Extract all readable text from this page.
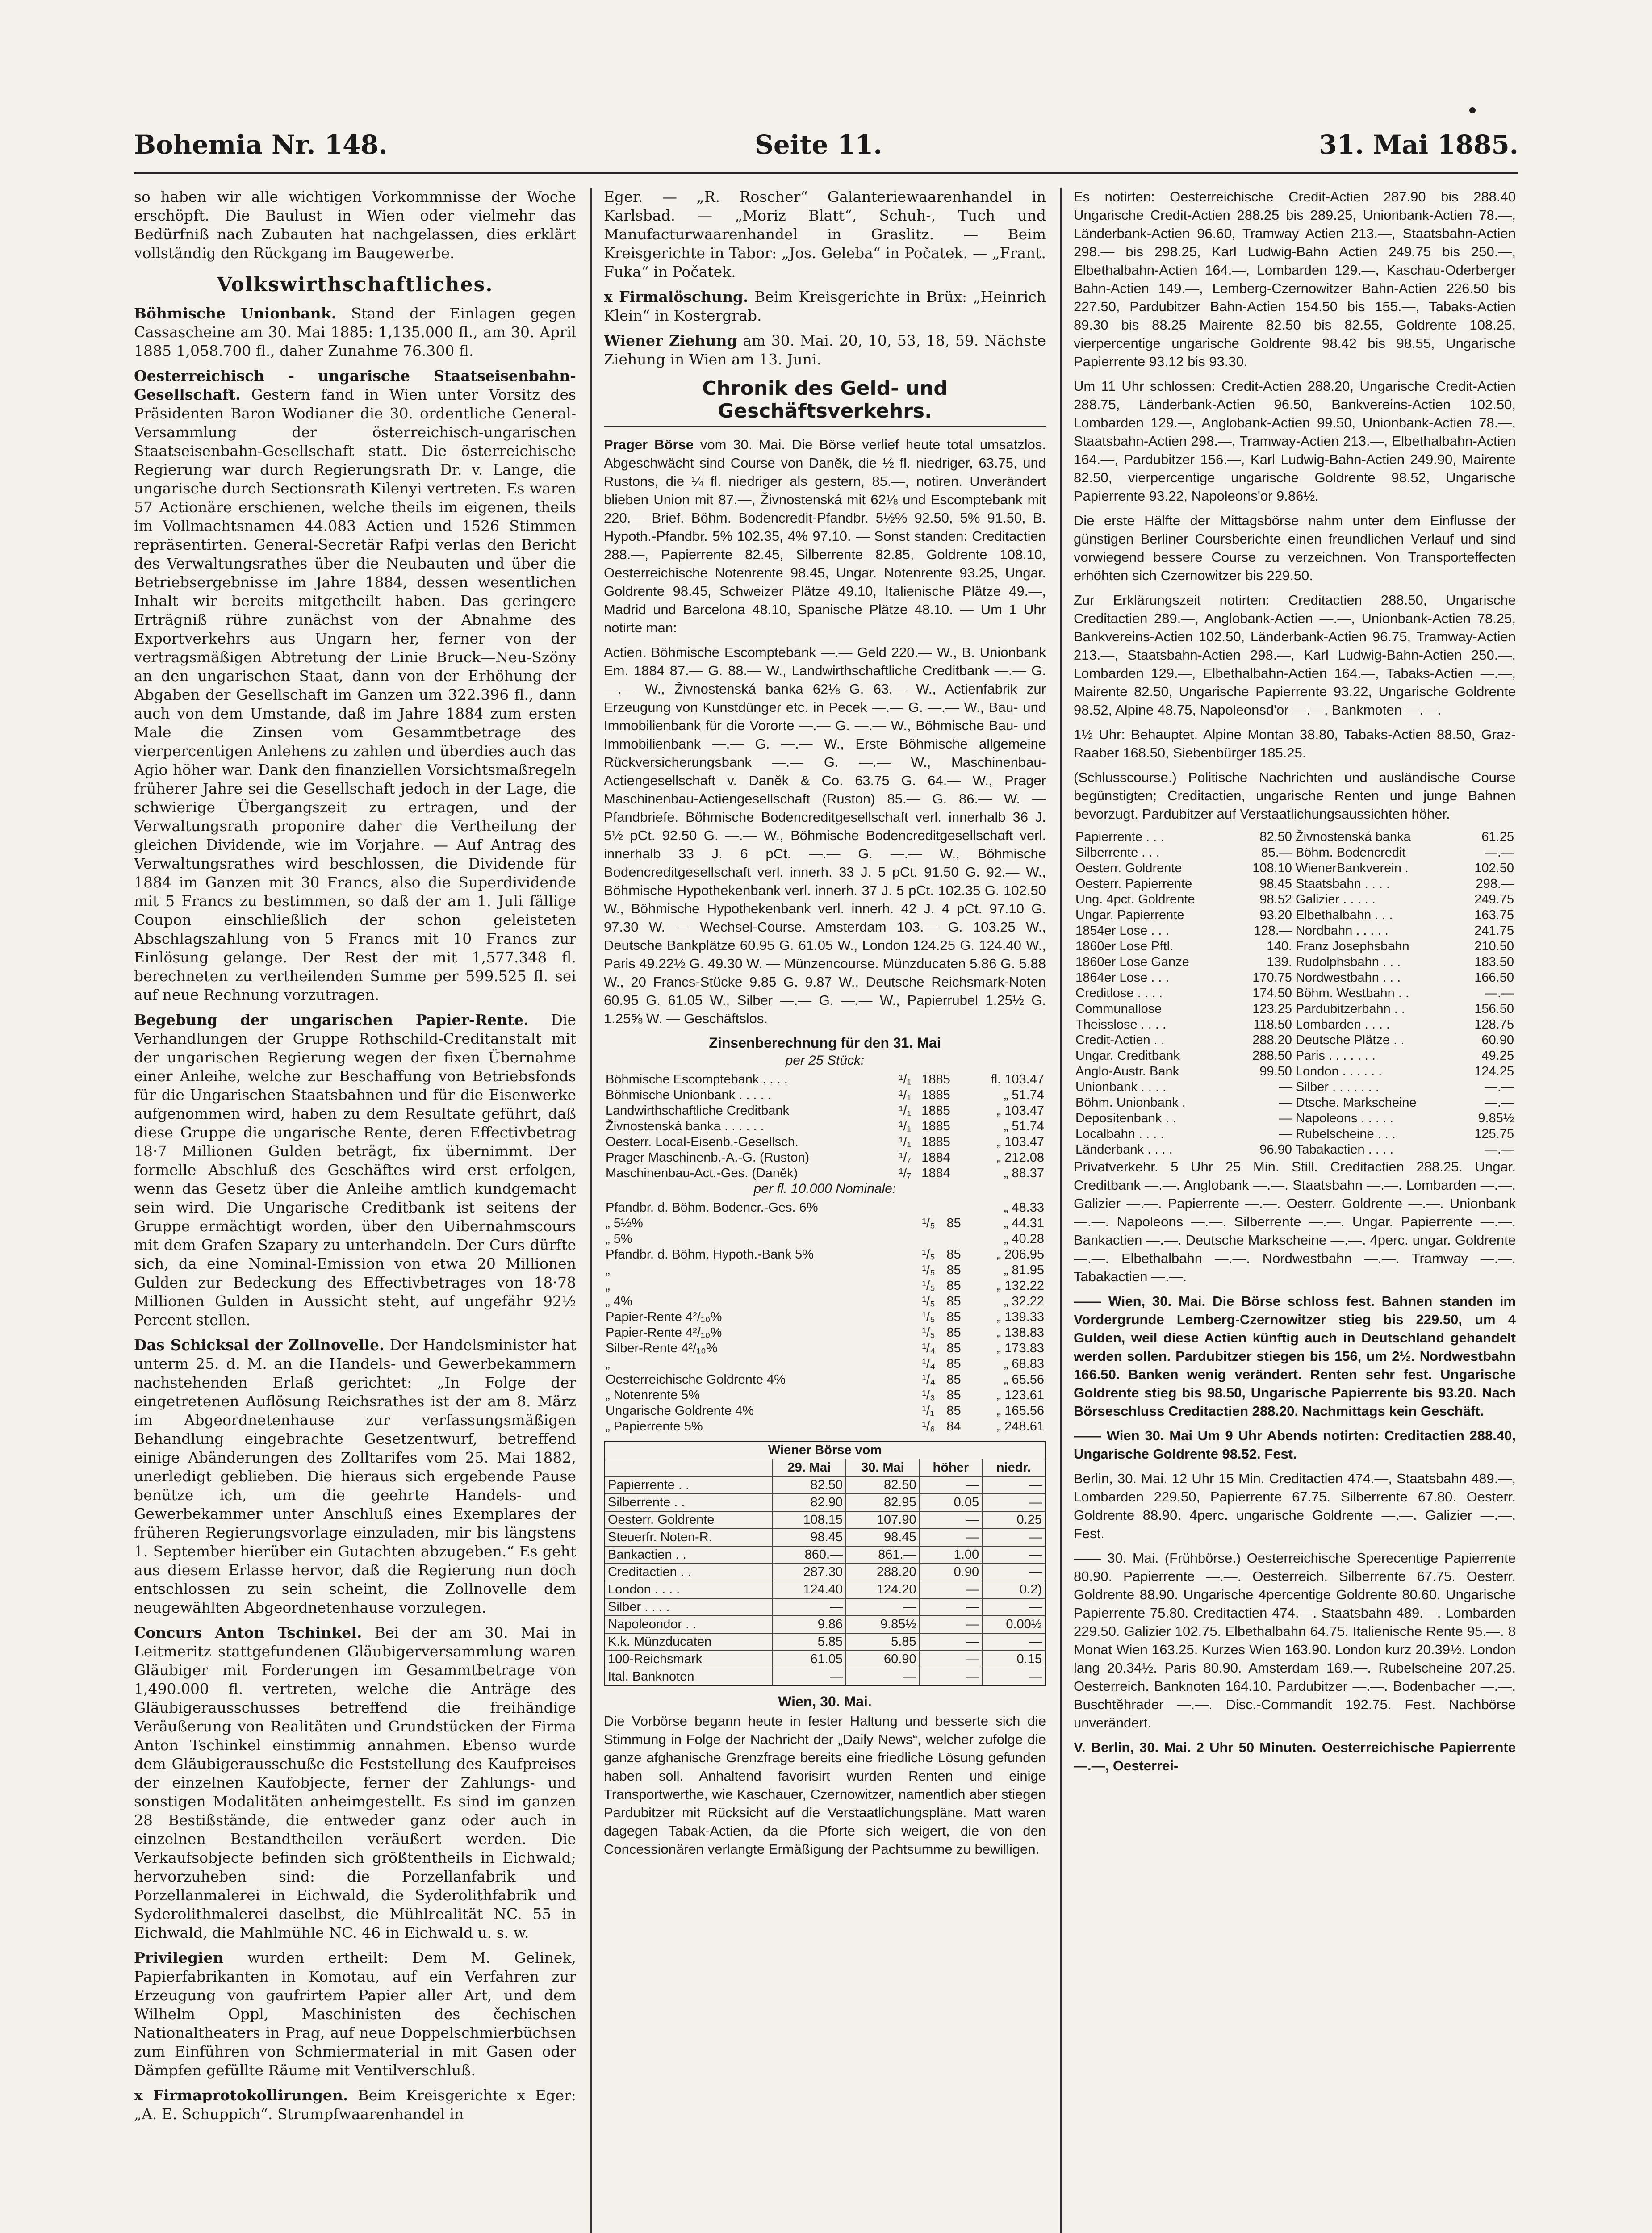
Bohemia Nr. 148.	Seite 11.	31. Mai 1885.

so haben wir alle wichtigen Vorkommnisse der Woche erschöpft. Die Baulust in Wien oder vielmehr das Bedürfniß nach Zubauten hat nachgelassen, dies erklärt vollständig den Rückgang im Baugewerbe.

Volkswirthschaftliches.

Böhmische Unionbank. Stand der Einlagen gegen Cassascheine am 30. Mai 1885: 1,135.000 fl., am 30. April 1885 1,058.700 fl., daher Zunahme 76.300 fl.

Oesterreichisch - ungarische Staatseisenbahn-Gesellschaft. Gestern fand in Wien unter Vorsitz des Präsidenten Baron Wodianer die 30. ordentliche General-Versammlung der österreichisch-ungarischen Staatseisenbahn-Gesellschaft statt. Die österreichische Regierung war durch Regierungsrath Dr. v. Lange, die ungarische durch Sectionsrath Kilenyi vertreten. Es waren 57 Actionäre erschienen, welche theils im eigenen, theils im Vollmachtsnamen 44.083 Actien und 1526 Stimmen repräsentirten. General-Secretär Rafpi verlas den Bericht des Verwaltungsrathes über die Neubauten und über die Betriebsergebnisse im Jahre 1884, dessen wesentlichen Inhalt wir bereits mitgetheilt haben. Das geringere Erträgniß rühre zunächst von der Abnahme des Exportverkehrs aus Ungarn her, ferner von der vertragsmäßigen Abtretung der Linie Bruck—Neu-Szöny an den ungarischen Staat, dann von der Erhöhung der Abgaben der Gesellschaft im Ganzen um 322.396 fl., dann auch von dem Umstande, daß im Jahre 1884 zum ersten Male die Zinsen vom Gesammtbetrage des vierpercentigen Anlehens zu zahlen und überdies auch das Agio höher war. Dank den finanziellen Vorsichtsmaßregeln früherer Jahre sei die Gesellschaft jedoch in der Lage, die schwierige Übergangszeit zu ertragen, und der Verwaltungsrath proponire daher die Vertheilung der gleichen Dividende, wie im Vorjahre. — Auf Antrag des Verwaltungsrathes wird beschlossen, die Dividende für 1884 im Ganzen mit 30 Francs, also die Superdividende mit 5 Francs zu bestimmen, so daß der am 1. Juli fällige Coupon einschließlich der schon geleisteten Abschlagszahlung von 5 Francs mit 10 Francs zur Einlösung gelange. Der Rest der mit 1,577.348 fl. berechneten zu vertheilenden Summe per 599.525 fl. sei auf neue Rechnung vorzutragen.

Begebung der ungarischen Papier-Rente. Die Verhandlungen der Gruppe Rothschild-Creditanstalt mit der ungarischen Regierung wegen der fixen Übernahme einer Anleihe, welche zur Beschaffung von Betriebsfonds für die Ungarischen Staatsbahnen und für die Eisenwerke aufgenommen wird, haben zu dem Resultate geführt, daß diese Gruppe die ungarische Rente, deren Effectivbetrag 18·7 Millionen Gulden beträgt, fix übernimmt. Der formelle Abschluß des Geschäftes wird erst erfolgen, wenn das Gesetz über die Anleihe amtlich kundgemacht sein wird. Die Ungarische Creditbank ist seitens der Gruppe ermächtigt worden, über den Uibernahmscours mit dem Grafen Szapary zu unterhandeln. Der Curs dürfte sich, da eine Nominal-Emission von etwa 20 Millionen Gulden zur Bedeckung des Effectivbetrages von 18·78 Millionen Gulden in Aussicht steht, auf ungefähr 92½ Percent stellen.

Das Schicksal der Zollnovelle. Der Handelsminister hat unterm 25. d. M. an die Handels- und Gewerbekammern nachstehenden Erlaß gerichtet: „In Folge der eingetretenen Auflösung Reichsrathes ist der am 8. März im Abgeordnetenhause zur verfassungsmäßigen Behandlung eingebrachte Gesetzentwurf, betreffend einige Abänderungen des Zolltarifes vom 25. Mai 1882, unerledigt geblieben. Die hieraus sich ergebende Pause benütze ich, um die geehrte Handels- und Gewerbekammer unter Anschluß eines Exemplares der früheren Regierungsvorlage einzuladen, mir bis längstens 1. September hierüber ein Gutachten abzugeben.“ Es geht aus diesem Erlasse hervor, daß die Regierung nun doch entschlossen zu sein scheint, die Zollnovelle dem neugewählten Abgeordnetenhause vorzulegen.

Concurs Anton Tschinkel. Bei der am 30. Mai in Leitmeritz stattgefundenen Gläubigerversammlung waren Gläubiger mit Forderungen im Gesammtbetrage von 1,490.000 fl. vertreten, welche die Anträge des Gläubigerausschusses betreffend die freihändige Veräußerung von Realitäten und Grundstücken der Firma Anton Tschinkel einstimmig annahmen. Ebenso wurde dem Gläubigerausschuße die Feststellung des Kaufpreises der einzelnen Kaufobjecte, ferner der Zahlungs- und sonstigen Modalitäten anheimgestellt. Es sind im ganzen 28 Bestißstände, die entweder ganz oder auch in einzelnen Bestandtheilen veräußert werden. Die Verkaufsobjecte befinden sich größtentheils in Eichwald; hervorzuheben sind: die Porzellanfabrik und Porzellanmalerei in Eichwald, die Syderolithfabrik und Syderolithmalerei daselbst, die Mühlrealität NC. 55 in Eichwald, die Mahlmühle NC. 46 in Eichwald u. s. w.

Privilegien wurden ertheilt: Dem M. Gelinek, Papierfabrikanten in Komotau, auf ein Verfahren zur Erzeugung von gaufrirtem Papier aller Art, und dem Wilhelm Oppl, Maschinisten des čechischen Nationaltheaters in Prag, auf neue Doppelschmierbüchsen zum Einführen von Schmiermaterial in mit Gasen oder Dämpfen gefüllte Räume mit Ventilverschluß.

x Firmaprotokollirungen. Beim Kreisgerichte x Eger: „A. E. Schuppich“. Strumpfwaarenhandel in

Eger. — „R. Roscher“ Galanteriewaarenhandel in Karlsbad. — „Moriz Blatt“, Schuh-, Tuch und Manufacturwaarenhandel in Graslitz. — Beim Kreisgerichte in Tabor: „Jos. Geleba“ in Počatek. — „Frant. Fuka“ in Počatek.

x Firmalöschung. Beim Kreisgerichte in Brüx: „Heinrich Klein“ in Kostergrab.

Wiener Ziehung am 30. Mai. 20, 10, 53, 18, 59. Nächste Ziehung in Wien am 13. Juni.

Chronik des Geld- und Geschäftsverkehrs.

Prager Börse vom 30. Mai. Die Börse verlief heute total umsatzlos. Abgeschwächt sind Course von Daněk, die ½ fl. niedriger, 63.75, und Rustons, die ¼ fl. niedriger als gestern, 85.—, notiren. Unverändert blieben Union mit 87.—, Živnostenská mit 62⅛ und Escomptebank mit 220.— Brief. Böhm. Bodencredit-Pfandbr. 5½% 92.50, 5% 91.50, B. Hypoth.-Pfandbr. 5% 102.35, 4% 97.10. — Sonst standen: Creditactien 288.—, Papierrente 82.45, Silberrente 82.85, Goldrente 108.10, Oesterreichische Notenrente 98.45, Ungar. Notenrente 93.25, Ungar. Goldrente 98.45, Schweizer Plätze 49.10, Italienische Plätze 49.—, Madrid und Barcelona 48.10, Spanische Plätze 48.10. — Um 1 Uhr notirte man:

Actien. Böhmische Escomptebank —.— Geld 220.— W., B. Unionbank Em. 1884 87.— G. 88.— W., Landwirthschaftliche Creditbank —.— G. —.— W., Živnostenská banka 62⅛ G. 63.— W., Actienfabrik zur Erzeugung von Kunstdünger etc. in Pecek —.— G. —.— W., Bau- und Immobilienbank für die Vororte —.— G. —.— W., Böhmische Bau- und Immobilienbank —.— G. —.— W., Erste Böhmische allgemeine Rückversicherungsbank —.— G. —.— W., Maschinenbau-Actiengesellschaft v. Daněk & Co. 63.75 G. 64.— W., Prager Maschinenbau-Actiengesellschaft (Ruston) 85.— G. 86.— W. — Pfandbriefe. Böhmische Bodencreditgesellschaft verl. innerhalb 36 J. 5½ pCt. 92.50 G. —.— W., Böhmische Bodencreditgesellschaft verl. innerhalb 33 J. 6 pCt. —.— G. —.— W., Böhmische Bodencreditgesellschaft verl. innerh. 33 J. 5 pCt. 91.50 G. 92.— W., Böhmische Hypothekenbank verl. innerh. 37 J. 5 pCt. 102.35 G. 102.50 W., Böhmische Hypothekenbank verl. innerh. 42 J. 4 pCt. 97.10 G. 97.30 W. — Wechsel-Course. Amsterdam 103.— G. 103.25 W., Deutsche Bankplätze 60.95 G. 61.05 W., London 124.25 G. 124.40 W., Paris 49.22½ G. 49.30 W. — Münzencourse. Münzducaten 5.86 G. 5.88 W., 20 Francs-Stücke 9.85 G. 9.87 W., Deutsche Reichsmark-Noten 60.95 G. 61.05 W., Silber —.— G. —.— W., Papierrubel 1.25½ G. 1.25⅝ W. — Geschäftslos.

Zinsenberechnung für den 31. Mai
per 25 Stück:
Böhmische Escomptebank . . . .	¹/₁	1885	fl. 103.47
Böhmische Unionbank . . . . .	¹/₁	1885	„ 51.74
Landwirthschaftliche Creditbank	¹/₁	1885	„ 103.47
Živnostenská banka . . . . . .	¹/₁	1885	„ 51.74
Oesterr. Local-Eisenb.-Gesellsch.	¹/₁	1885	„ 103.47
Prager Maschinenb.-A.-G. (Ruston)	¹/₇	1884	„ 212.08
Maschinenbau-Act.-Ges. (Daněk)	¹/₇	1884	„ 88.37
per fl. 10.000 Nominale:
Pfandbr. d. Böhm. Bodencr.-Ges. 6%			„ 48.33
„ 5½%	¹/₅	85	„ 44.31
„ 5%			„ 40.28
Pfandbr. d. Böhm. Hypoth.-Bank 5%	¹/₅	85	„ 206.95
„	¹/₅	85	„ 81.95
„	¹/₅	85	„ 132.22
„ 4%	¹/₅	85	„ 32.22
Papier-Rente 4²/₁₀%	¹/₅	85	„ 139.33
Papier-Rente 4²/₁₀%	¹/₅	85	„ 138.83
Silber-Rente 4²/₁₀%	¹/₄	85	„ 173.83
„	¹/₄	85	„ 68.83
Oesterreichische Goldrente 4%	¹/₄	85	„ 65.56
„ Notenrente 5%	¹/₃	85	„ 123.61
Ungarische Goldrente 4%	¹/₁	85	„ 165.56
„ Papierrente 5%	¹/₆	84	„ 248.61
Wiener Börse vom				
	29. Mai	30. Mai	höher	niedr.
Papierrente . .	82.50	82.50	—	—
Silberrente . .	82.90	82.95	0.05	—
Oesterr. Goldrente	108.15	107.90	—	0.25
Steuerfr. Noten-R.	98.45	98.45	—	—
Bankactien . .	860.—	861.—	1.00	—
Creditactien . .	287.30	288.20	0.90	—
London . . . .	124.40	124.20	—	0.2)
Silber . . . .	—	—	—	—
Napoleondor . .	9.86	9.85½	—	0.00½
K.k. Münzducaten	5.85	5.85	—	—
100-Reichsmark	61.05	60.90	—	0.15
Ital. Banknoten	—	—	—	—
Wien, 30. Mai.

Die Vorbörse begann heute in fester Haltung und besserte sich die Stimmung in Folge der Nachricht der „Daily News“, welcher zufolge die ganze afghanische Grenzfrage bereits eine friedliche Lösung gefunden haben soll. Anhaltend favorisirt wurden Renten und einige Transportwerthe, wie Kaschauer, Czernowitzer, namentlich aber stiegen Pardubitzer mit Rücksicht auf die Verstaatlichungspläne. Matt waren dagegen Tabak-Actien, da die Pforte sich weigert, die von den Concessionären verlangte Ermäßigung der Pachtsumme zu bewilligen.

Es notirten: Oesterreichische Credit-Actien 287.90 bis 288.40 Ungarische Credit-Actien 288.25 bis 289.25, Unionbank-Actien 78.—, Länderbank-Actien 96.60, Tramway Actien 213.—, Staatsbahn-Actien 298.— bis 298.25, Karl Ludwig-Bahn Actien 249.75 bis 250.—, Elbethalbahn-Actien 164.—, Lombarden 129.—, Kaschau-Oderberger Bahn-Actien 149.—, Lemberg-Czernowitzer Bahn-Actien 226.50 bis 227.50, Pardubitzer Bahn-Actien 154.50 bis 155.—, Tabaks-Actien 89.30 bis 88.25 Mairente 82.50 bis 82.55, Goldrente 108.25, vierpercentige ungarische Goldrente 98.42 bis 98.55, Ungarische Papierrente 93.12 bis 93.30.

Um 11 Uhr schlossen: Credit-Actien 288.20, Ungarische Credit-Actien 288.75, Länderbank-Actien 96.50, Bankvereins-Actien 102.50, Lombarden 129.—, Anglobank-Actien 99.50, Unionbank-Actien 78.—, Staatsbahn-Actien 298.—, Tramway-Actien 213.—, Elbethalbahn-Actien 164.—, Pardubitzer 156.—, Karl Ludwig-Bahn-Actien 249.90, Mairente 82.50, vierpercentige ungarische Goldrente 98.52, Ungarische Papierrente 93.22, Napoleons'or 9.86½.

Die erste Hälfte der Mittagsbörse nahm unter dem Einflusse der günstigen Berliner Coursberichte einen freundlichen Verlauf und sind vorwiegend bessere Course zu verzeichnen. Von Transporteffecten erhöhten sich Czernowitzer bis 229.50.

Zur Erklärungszeit notirten: Creditactien 288.50, Ungarische Creditactien 289.—, Anglobank-Actien —.—, Unionbank-Actien 78.25, Bankvereins-Actien 102.50, Länderbank-Actien 96.75, Tramway-Actien 213.—, Staatsbahn-Actien 298.—, Karl Ludwig-Bahn-Actien 250.—, Lombarden 129.—, Elbethalbahn-Actien 164.—, Tabaks-Actien —.—, Mairente 82.50, Ungarische Papierrente 93.22, Ungarische Goldrente 98.52, Alpine 48.75, Napoleonsd'or —.—, Bankmoten —.—.

1½ Uhr: Behauptet. Alpine Montan 38.80, Tabaks-Actien 88.50, Graz-Raaber 168.50, Siebenbürger 185.25.

(Schlusscourse.) Politische Nachrichten und ausländische Course begünstigten; Creditactien, ungarische Renten und junge Bahnen bevorzugt. Pardubitzer auf Verstaatlichungsaussichten höher.

Papierrente . . .	82.50	Živnostenská banka	61.25
Silberrente . . .	85.—	Böhm. Bodencredit	—.—
Oesterr. Goldrente	108.10	WienerBankverein .	102.50
Oesterr. Papierrente	98.45	Staatsbahn . . . .	298.—
Ung. 4pct. Goldrente	98.52	Galizier . . . . .	249.75
Ungar. Papierrente	93.20	Elbethalbahn . . .	163.75
1854er Lose . . .	128.—	Nordbahn . . . . .	241.75
1860er Lose Pftl.	140.	Franz Josephsbahn	210.50
1860er Lose Ganze	139.	Rudolphsbahn . . .	183.50
1864er Lose . . .	170.75	Nordwestbahn . . .	166.50
Creditlose . . . .	174.50	Böhm. Westbahn . .	—.—
Communallose	123.25	Pardubitzerbahn . .	156.50
Theisslose . . . .	118.50	Lombarden . . . .	128.75
Credit-Actien . .	288.20	Deutsche Plätze . .	60.90
Ungar. Creditbank	288.50	Paris . . . . . . .	49.25
Anglo-Austr. Bank	99.50	London . . . . . .	124.25
Unionbank . . . .	—	Silber . . . . . . .	—.—
Böhm. Unionbank .	—	Dtsche. Markscheine	—.—
Depositenbank . .	—	Napoleons . . . . .	9.85½
Localbahn . . . .	—	Rubelscheine . . .	125.75
Länderbank . . . .	96.90	Tabakactien . . . .	—.—

Privatverkehr. 5 Uhr 25 Min. Still. Creditactien 288.25. Ungar. Creditbank —.—. Anglobank —.—. Staatsbahn —.—. Lombarden —.—. Galizier —.—. Papierrente —.—. Oesterr. Goldrente —.—. Unionbank —.—. Napoleons —.—. Silberrente —.—. Ungar. Papierrente —.—. Bankactien —.—. Deutsche Markscheine —.—. 4perc. ungar. Goldrente —.—. Elbethalbahn —.—. Nordwestbahn —.—. Tramway —.—. Tabakactien —.—.

—— Wien, 30. Mai. Die Börse schloss fest. Bahnen standen im Vordergrunde Lemberg-Czernowitzer stieg bis 229.50, um 4 Gulden, weil diese Actien künftig auch in Deutschland gehandelt werden sollen. Pardubitzer stiegen bis 156, um 2½. Nordwestbahn 166.50. Banken wenig verändert. Renten sehr fest. Ungarische Goldrente stieg bis 98.50, Ungarische Papierrente bis 93.20. Nach Börseschluss Creditactien 288.20. Nachmittags kein Geschäft.

—— Wien 30. Mai Um 9 Uhr Abends notirten: Creditactien 288.40, Ungarische Goldrente 98.52. Fest.

Berlin, 30. Mai. 12 Uhr 15 Min. Creditactien 474.—, Staatsbahn 489.—, Lombarden 229.50, Papierrente 67.75. Silberrente 67.80. Oesterr. Goldrente 88.90. 4perc. ungarische Goldrente —.—. Galizier —.—. Fest.

—— 30. Mai. (Frühbörse.) Oesterreichische Sperecentige Papierrente 80.90. Papierrente —.—. Oesterreich. Silberrente 67.75. Oesterr. Goldrente 88.90. Ungarische 4percentige Goldrente 80.60. Ungarische Papierrente 75.80. Creditactien 474.—. Staatsbahn 489.—. Lombarden 229.50. Galizier 102.75. Elbethalbahn 64.75. Italienische Rente 95.—. 8 Monat Wien 163.25. Kurzes Wien 163.90. London kurz 20.39½. London lang 20.34½. Paris 80.90. Amsterdam 169.—. Rubelscheine 207.25. Oesterreich. Banknoten 164.10. Pardubitzer —.—. Bodenbacher —.—. Buschtěhrader —.—. Disc.-Commandit 192.75. Fest. Nachbörse unverändert.

V. Berlin, 30. Mai. 2 Uhr 50 Minuten. Oesterreichische Papierrente —.—, Oesterrei-
